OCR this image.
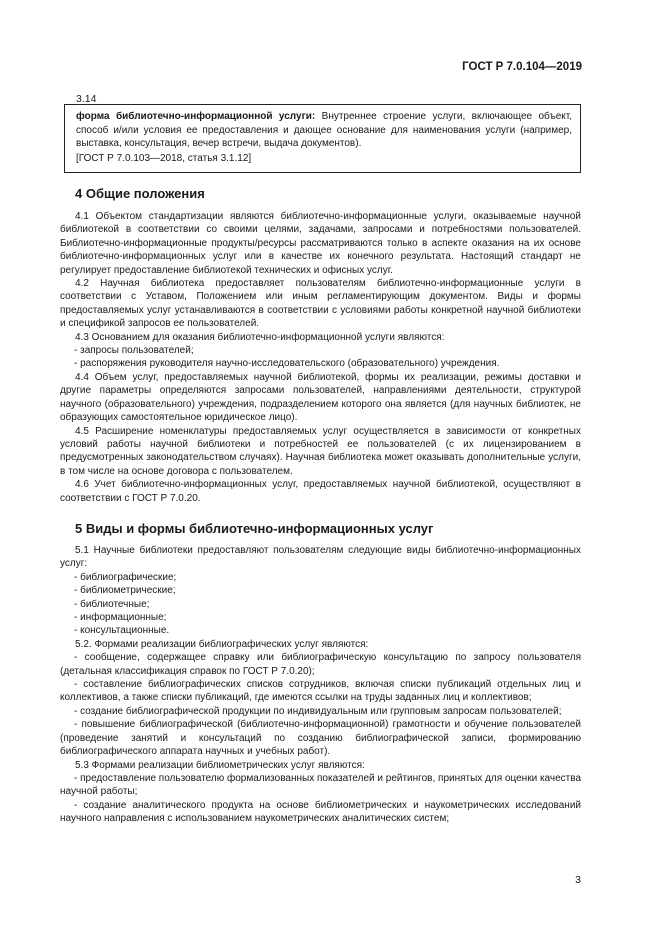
ГОСТ Р 7.0.104—2019
3.14

форма библиотечно-информационной услуги: Внутреннее строение услуги, включающее объект, способ и/или условия ее предоставления и дающее основание для наименования услуги (например, выставка, консультация, вечер встречи, выдача документов).

[ГОСТ Р 7.0.103—2018, статья 3.1.12]

4 Общие положения

4.1 Объектом стандартизации являются библиотечно-информационные услуги, оказываемые научной библиотекой в соответствии со своими целями, задачами, запросами и потребностями пользователей. Библиотечно-информационные продукты/ресурсы рассматриваются только в аспекте оказания на их основе библиотечно-информационных услуг или в качестве их конечного результата. Настоящий стандарт не регулирует предоставление библиотекой технических и офисных услуг.

4.2 Научная библиотека предоставляет пользователям библиотечно-информационные услуги в соответствии с Уставом, Положением или иным регламентирующим документом. Виды и формы предоставляемых услуг устанавливаются в соответствии с условиями работы конкретной научной библиотеки и спецификой запросов ее пользователей.

4.3 Основанием для оказания библиотечно-информационной услуги являются:

- запросы пользователей;

- распоряжения руководителя научно-исследовательского (образовательного) учреждения.

4.4 Объем услуг, предоставляемых научной библиотекой, формы их реализации, режимы доставки и другие параметры определяются запросами пользователей, направлениями деятельности, структурой научного (образовательного) учреждения, подразделением которого она является (для научных библиотек, не образующих самостоятельное юридическое лицо).

4.5 Расширение номенклатуры предоставляемых услуг осуществляется в зависимости от конкретных условий работы научной библиотеки и потребностей ее пользователей (с их лицензированием в предусмотренных законодательством случаях). Научная библиотека может оказывать дополнительные услуги, в том числе на основе договора с пользователем.

4.6 Учет библиотечно-информационных услуг, предоставляемых научной библиотекой, осуществляют в соответствии с ГОСТ Р 7.0.20.

5 Виды и формы библиотечно-информационных услуг

5.1 Научные библиотеки предоставляют пользователям следующие виды библиотечно-информационных услуг:

- библиографические;

- библиометрические;

- библиотечные;

- информационные;

- консультационные.

5.2. Формами реализации библиографических услуг являются:

- сообщение, содержащее справку или библиографическую консультацию по запросу пользователя (детальная классификация справок по ГОСТ Р 7.0.20);

- составление библиографических списков сотрудников, включая списки публикаций отдельных лиц и коллективов, а также списки публикаций, где имеются ссылки на труды заданных лиц и коллективов;

- создание библиографической продукции по индивидуальным или групповым запросам пользователей;

- повышение библиографической (библиотечно-информационной) грамотности и обучение пользователей (проведение занятий и консультаций по созданию библиографической записи, формированию библиографического аппарата научных и учебных работ).

5.3 Формами реализации библиометрических услуг являются:

- предоставление пользователю формализованных показателей и рейтингов, принятых для оценки качества научной работы;

- создание аналитического продукта на основе библиометрических и наукометрических исследований научного направления с использованием наукометрических аналитических систем;

3
